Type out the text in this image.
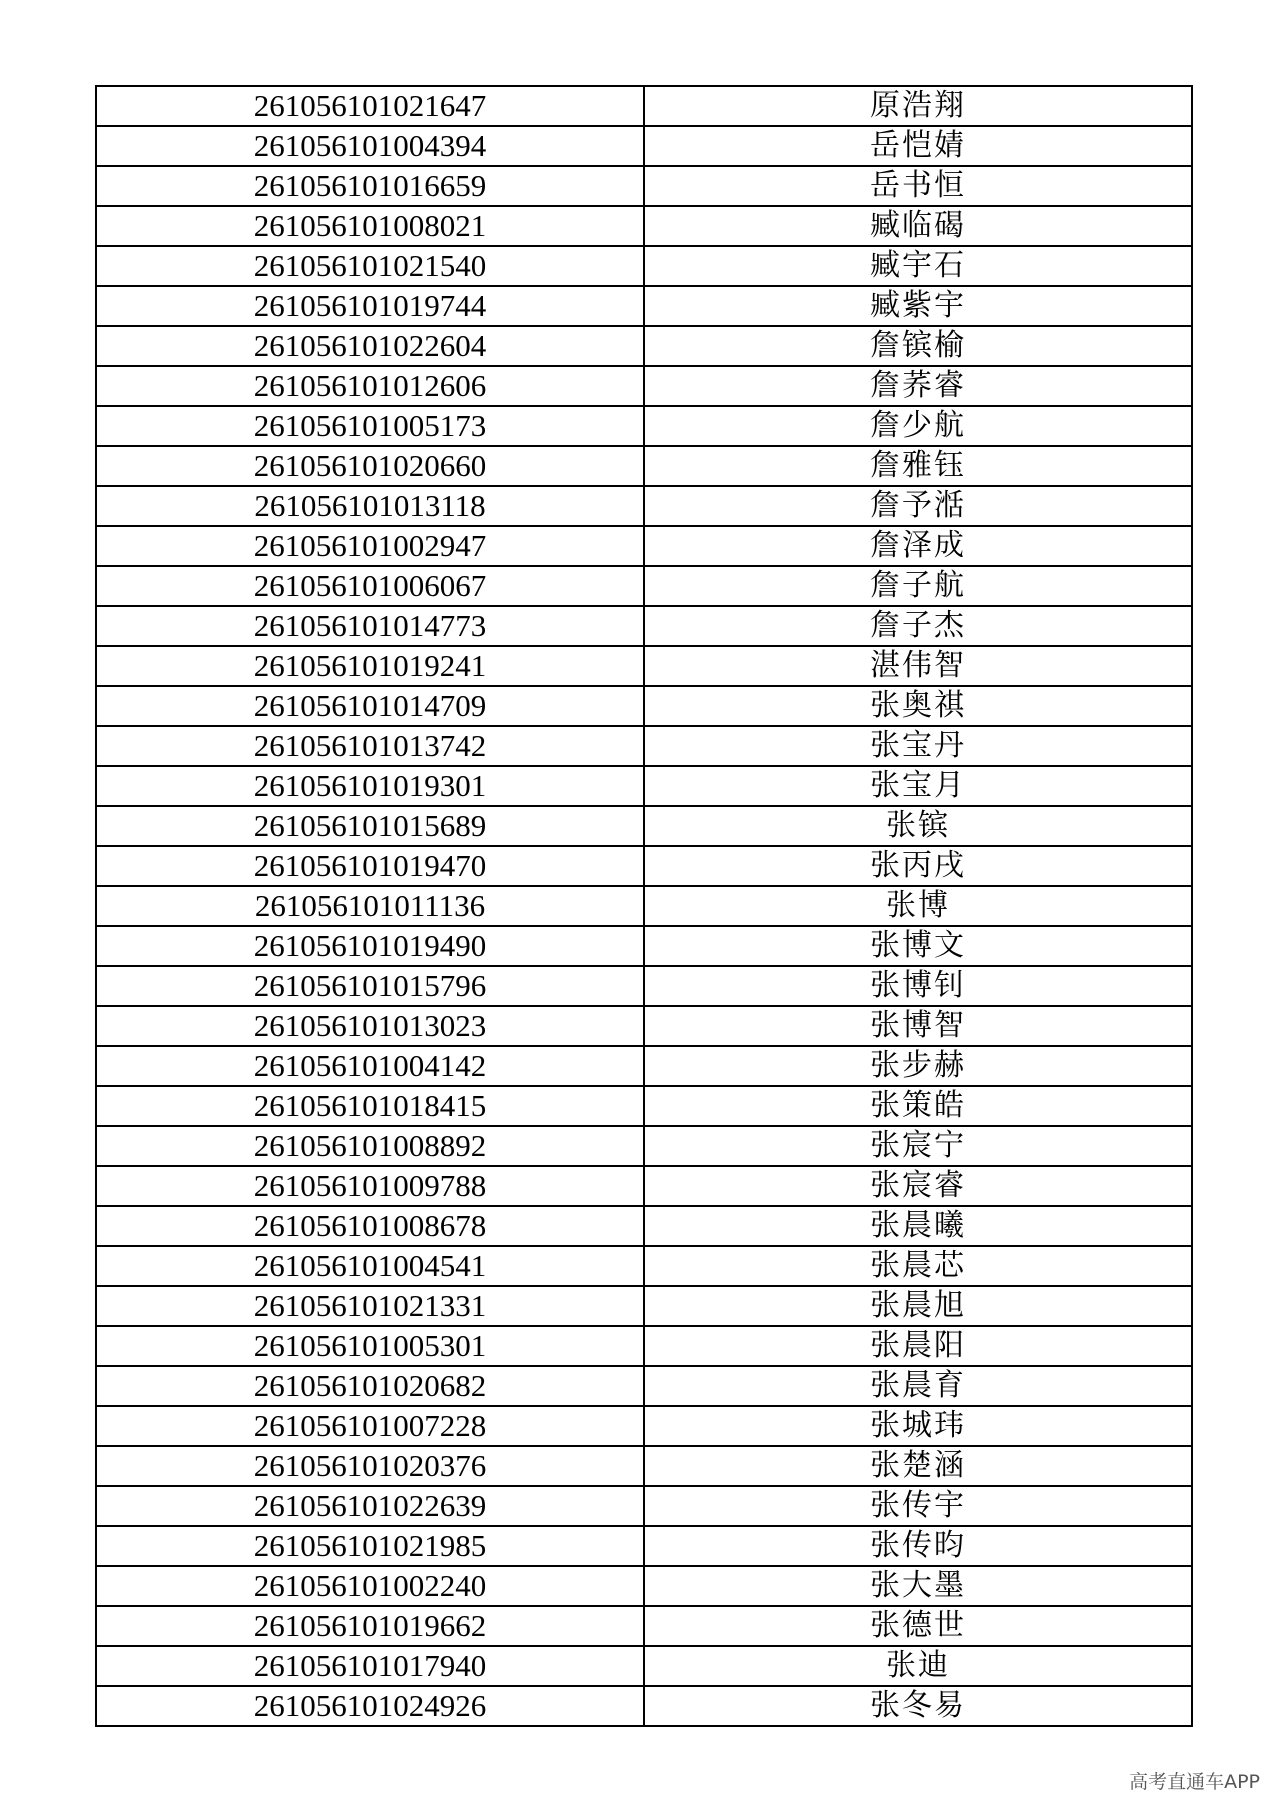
261056101021647	原浩翔
261056101004394	岳恺婧
261056101016659	岳书恒
261056101008021	臧临碣
261056101021540	臧宇石
261056101019744	臧紫宇
261056101022604	詹镔榆
261056101012606	詹荞睿
261056101005173	詹少航
261056101020660	詹雅钰
261056101013118	詹予湉
261056101002947	詹泽成
261056101006067	詹子航
261056101014773	詹子杰
261056101019241	湛伟智
261056101014709	张奥祺
261056101013742	张宝丹
261056101019301	张宝月
261056101015689	张镔
261056101019470	张丙戌
261056101011136	张博
261056101019490	张博文
261056101015796	张博钊
261056101013023	张博智
261056101004142	张步赫
261056101018415	张策皓
261056101008892	张宸宁
261056101009788	张宸睿
261056101008678	张晨曦
261056101004541	张晨芯
261056101021331	张晨旭
261056101005301	张晨阳
261056101020682	张晨育
261056101007228	张城玮
261056101020376	张楚涵
261056101022639	张传宇
261056101021985	张传昀
261056101002240	张大墨
261056101019662	张德世
261056101017940	张迪
261056101024926	张冬易
高考直通车APP
